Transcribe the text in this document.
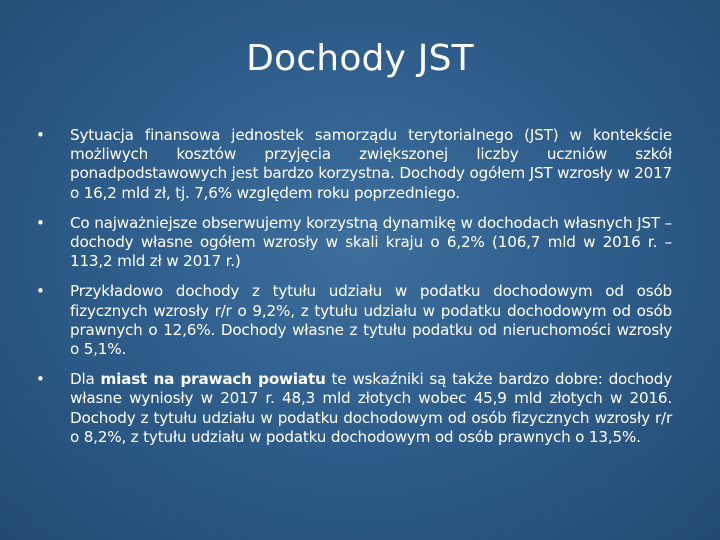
Dochody JST
•	Sytuacja finansowa jednostek samorządu terytorialnego (JST) w kontekście możliwych kosztów przyjęcia zwiększonej liczby uczniów szkół ponadpodstawowych jest bardzo korzystna. Dochody ogółem JST wzrosły w 2017 o 16,2 mld zł, tj. 7,6% względem roku poprzedniego.
•	Co najważniejsze obserwujemy korzystną dynamikę w dochodach własnych JST – dochody własne ogółem wzrosły w skali kraju o 6,2% (106,7 mld w 2016 r. – 113,2 mld zł w 2017 r.)
•	Przykładowo dochody z tytułu udziału w podatku dochodowym od osób fizycznych wzrosły r/r o 9,2%, z tytułu udziału w podatku dochodowym od osób prawnych o 12,6%. Dochody własne z tytułu podatku od nieruchomości wzrosły o 5,1%.
•	Dla miast na prawach powiatu te wskaźniki są także bardzo dobre: dochody własne wyniosły w 2017 r. 48,3 mld złotych wobec 45,9 mld złotych w 2016. Dochody z tytułu udziału w podatku dochodowym od osób fizycznych wzrosły r/r o 8,2%, z tytułu udziału w podatku dochodowym od osób prawnych o 13,5%.
